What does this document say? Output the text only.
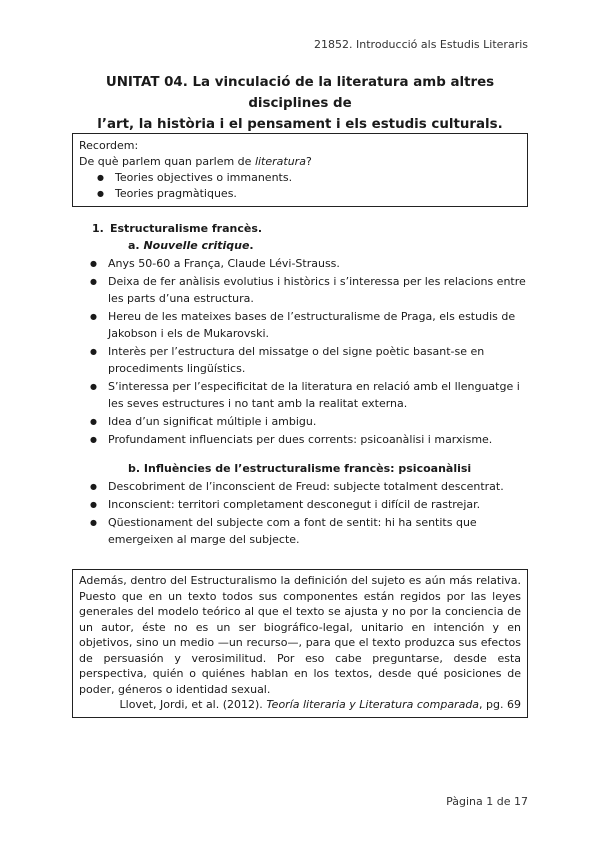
21852. Introducció als Estudis Literaris
UNITAT 04. La vinculació de la literatura amb altres disciplines de
l’art, la història i el pensament i els estudis culturals.
Recordem:
De què parlem quan parlem de literatura?
● Teories objectives o immanents.
● Teories pragmàtiques.
1. Estructuralisme francès.
a. Nouvelle critique.
● Anys 50-60 a França, Claude Lévi-Strauss.
● Deixa de fer anàlisis evolutius i històrics i s’interessa per les relacions entre les parts d’una estructura.
● Hereu de les mateixes bases de l’estructuralisme de Praga, els estudis de Jakobson i els de Mukarovski.
● Interès per l’estructura del missatge o del signe poètic basant-se en procediments lingüístics.
● S’interessa per l’especificitat de la literatura en relació amb el llenguatge i les seves estructures i no tant amb la realitat externa.
● Idea d’un significat múltiple i ambigu.
● Profundament influenciats per dues corrents: psicoanàlisi i marxisme.
b. Influències de l’estructuralisme francès: psicoanàlisi
● Descobriment de l’inconscient de Freud: subjecte totalment descentrat.
● Inconscient: territori completament desconegut i difícil de rastrejar.
● Qüestionament del subjecte com a font de sentit: hi ha sentits que emergeixen al marge del subjecte.
Además, dentro del Estructuralismo la definición del sujeto es aún más relativa. Puesto que en un texto todos sus componentes están regidos por las leyes generales del modelo teórico al que el texto se ajusta y no por la conciencia de un autor, éste no es un ser biográfico-legal, unitario en intención y en objetivos, sino un medio —un recurso—, para que el texto produzca sus efectos de persuasión y verosimilitud. Por eso cabe preguntarse, desde esta perspectiva, quién o quiénes hablan en los textos, desde qué posiciones de poder, géneros o identidad sexual.
Llovet, Jordi, et al. (2012). Teoría literaria y Literatura comparada, pg. 69
Pàgina 1 de 17
